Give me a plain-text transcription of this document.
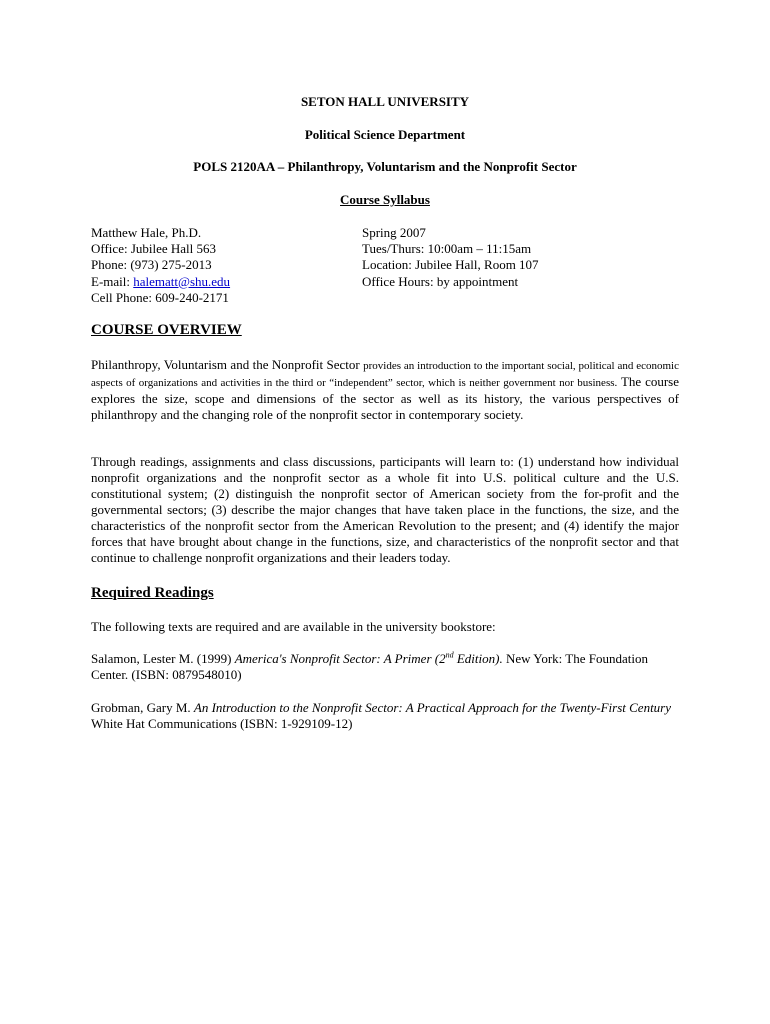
SETON HALL UNIVERSITY
Political Science Department
POLS 2120AA – Philanthropy, Voluntarism and the Nonprofit Sector
Course Syllabus
Matthew Hale, Ph.D.
Office: Jubilee Hall 563
Phone: (973) 275-2013
E-mail: halematt@shu.edu
Cell Phone: 609-240-2171
Spring 2007
Tues/Thurs: 10:00am – 11:15am
Location: Jubilee Hall, Room 107
Office Hours: by appointment
COURSE OVERVIEW
Philanthropy, Voluntarism and the Nonprofit Sector provides an introduction to the important social, political and economic aspects of organizations and activities in the third or “independent” sector, which is neither government nor business. The course explores the size, scope and dimensions of the sector as well as its history, the various perspectives of philanthropy and the changing role of the nonprofit sector in contemporary society.
Through readings, assignments and class discussions, participants will learn to: (1) understand how individual nonprofit organizations and the nonprofit sector as a whole fit into U.S. political culture and the U.S. constitutional system; (2) distinguish the nonprofit sector of American society from the for-profit and the governmental sectors; (3) describe the major changes that have taken place in the functions, the size, and the characteristics of the nonprofit sector from the American Revolution to the present; and (4) identify the major forces that have brought about change in the functions, size, and characteristics of the nonprofit sector and that continue to challenge nonprofit organizations and their leaders today.
Required Readings
The following texts are required and are available in the university bookstore:
Salamon, Lester M. (1999) America's Nonprofit Sector: A Primer (2nd Edition). New York: The Foundation Center. (ISBN: 0879548010)
Grobman, Gary M. An Introduction to the Nonprofit Sector: A Practical Approach for the Twenty-First Century White Hat Communications (ISBN: 1-929109-12)
